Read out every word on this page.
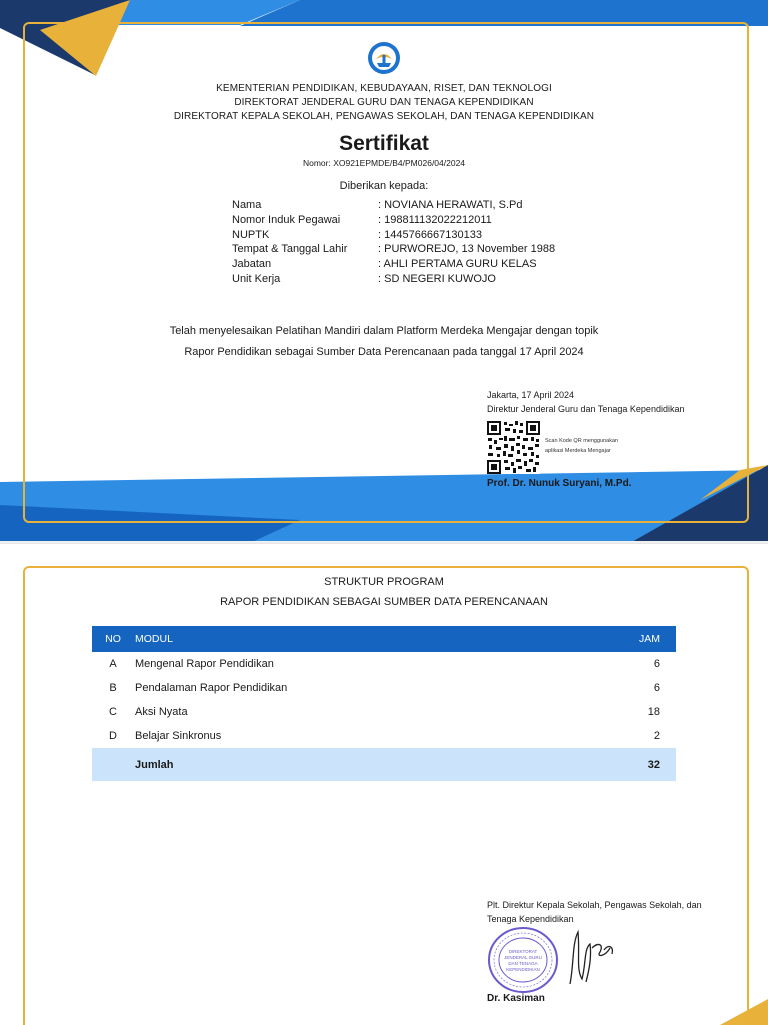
KEMENTERIAN PENDIDIKAN, KEBUDAYAAN, RISET, DAN TEKNOLOGI
DIREKTORAT JENDERAL GURU DAN TENAGA KEPENDIDIKAN
DIREKTORAT KEPALA SEKOLAH, PENGAWAS SEKOLAH, DAN TENAGA KEPENDIDIKAN
Sertifikat
Nomor: XO921EPMDE/B4/PM026/04/2024
Diberikan kepada:
Nama	: NOVIANA HERAWATI, S.Pd
Nomor Induk Pegawai	: 198811132022212011
NUPTK	: 1445766667130133
Tempat & Tanggal Lahir	: PURWOREJO, 13 November 1988
Jabatan	: AHLI PERTAMA GURU KELAS
Unit Kerja	: SD NEGERI KUWOJO
Telah menyelesaikan Pelatihan Mandiri dalam Platform Merdeka Mengajar dengan topik
Rapor Pendidikan sebagai Sumber Data Perencanaan pada tanggal 17 April 2024
Jakarta, 17 April 2024
Direktur Jenderal Guru dan Tenaga Kependidikan
Scan Kode QR menggunakan
aplikasi Merdeka Mengajar
Prof. Dr. Nunuk Suryani, M.Pd.
STRUKTUR PROGRAM
RAPOR PENDIDIKAN SEBAGAI SUMBER DATA PERENCANAAN
NO	MODUL	JAM
A	Mengenal Rapor Pendidikan	6
B	Pendalaman Rapor Pendidikan	6
C	Aksi Nyata	18
D	Belajar Sinkronus	2
	Jumlah	32
Plt. Direktur Kepala Sekolah, Pengawas Sekolah, dan
Tenaga Kependidikan
DIREKTORAT
JENDERAL GURU
DAN TENAGA
KEPENDIDIKAN
Dr. Kasiman
